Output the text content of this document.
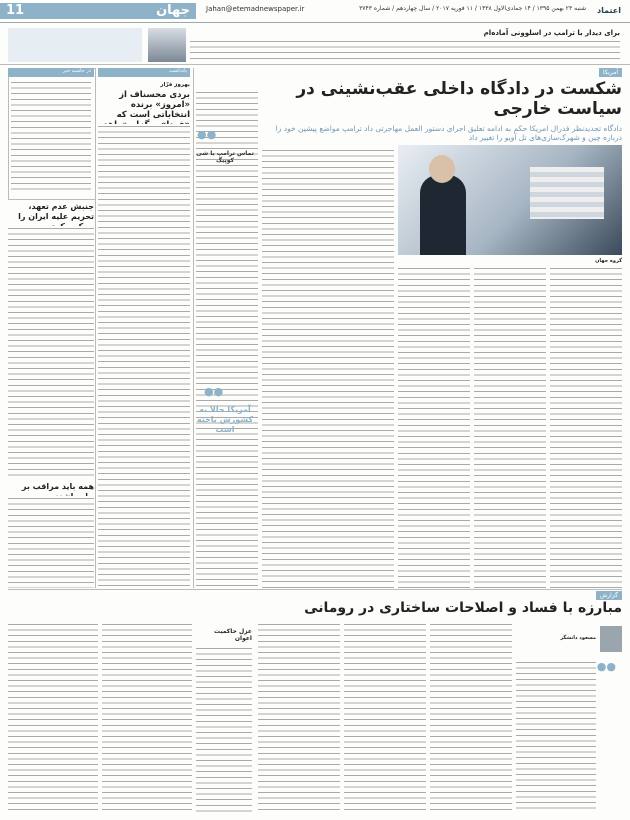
11	جهان Jahan@etemadnewspaper.ir	شنبه ۲۳ بهمن ۱۳۹۵ / ۱۴ جمادی‌الاول ۱۴۳۸ / ۱۱ فوریه ۲۰۱۷ / سال چهاردهم / شماره ۳۷۴۳	اعتماد
برای دیدار با ترامپ در اسلوونی آماده‌ام
آمریکا
شکست در دادگاه داخلی عقب‌نشینی در سیاست خارجی
دادگاه تجدیدنظر فدرال امریکا حکم به ادامه تعلیق اجرای دستور العمل مهاجرتی داد ترامپ مواضع پیشین خود را درباره چین و شهرک‌سازی‌های تل آویو را تغییر داد
گروه جهان
در حاشیه خبر
جنبش عدم تعهد، تحریم علیه ایران را
همه باید مراقب بر
یادداشت
بهروز فرّار
بردی محسناف از «امروز» برنده انتخاباتی است که
●●
تماس ترامپ با شی کوپیگ
●●
آمریکا حالا به کشورش باخته است
گزارش
مبارزه با فساد و اصلاحات ساختاری در رومانی
مسعود دانشگر
●●
عزل حاکمیت اعوان
